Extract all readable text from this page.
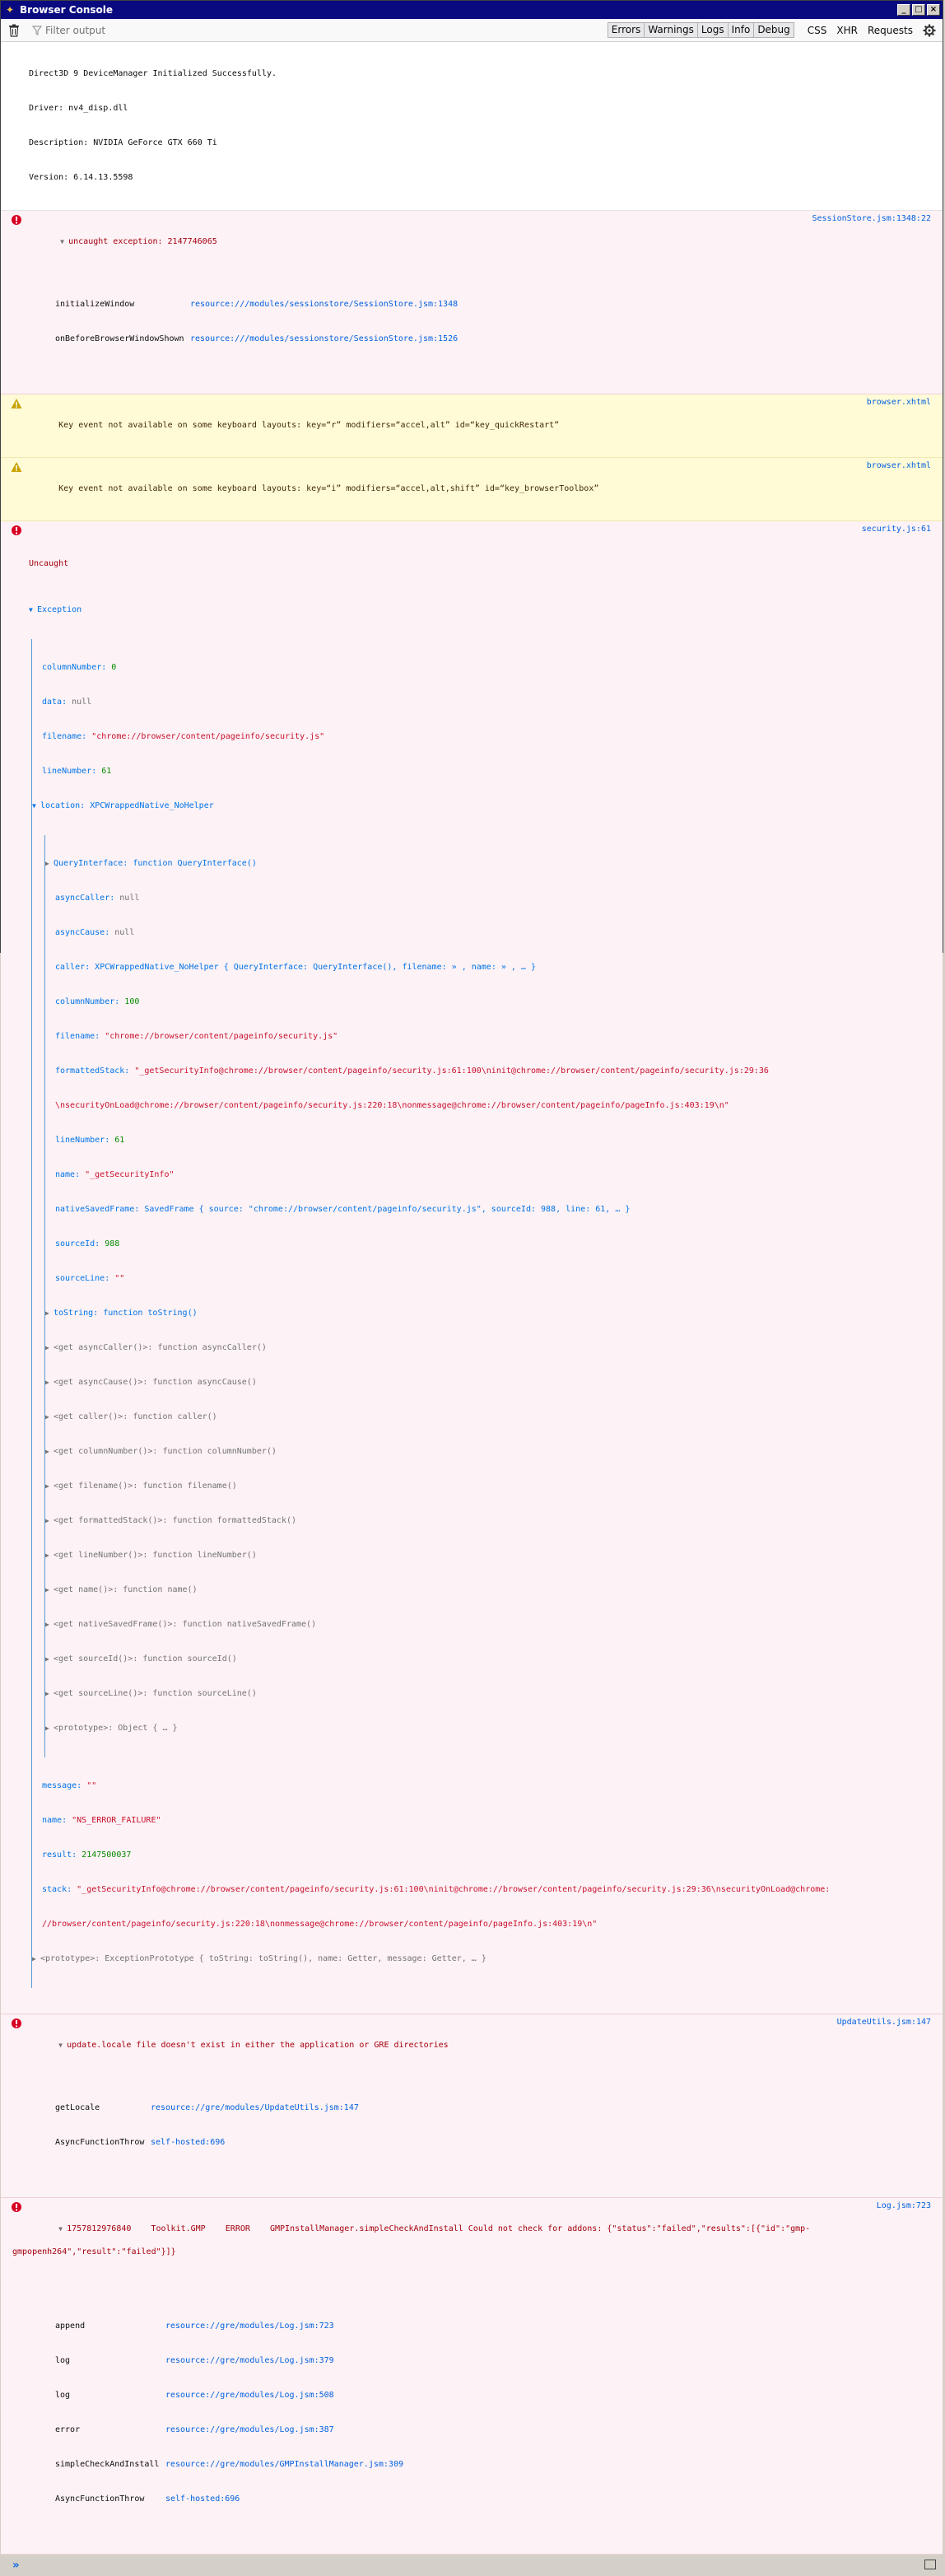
✦ Browser Console	_	□ ×
Filter output	Errors Warnings Logs Info Debug	CSS	XHR	Requests

Direct3D 9 DeviceManager Initialized Successfully.

Driver: nv4_disp.dll

Description: NVIDIA GeForce GTX 660 Ti

Version: 6.14.13.5598

▼ uncaught exception: 2147746065

SessionStore.jsm:1348:22

initializeWindow	resource:///modules/sessionstore/SessionStore.jsm:1348

onBeforeBrowserWindowShown resource:///modules/sessionstore/SessionStore.jsm:1526

Key event not available on some keyboard layouts: key=“r” modifiers=“accel,alt” id=“key_quickRestart”

browser.xhtml

Key event not available on some keyboard layouts: key=“i” modifiers=“accel,alt,shift” id=“key_browserToolbox”

browser.xhtml

Uncaught

security.js:61

▼ Exception

columnNumber: 0

data: null

filename: "chrome://browser/content/pageinfo/security.js"

lineNumber: 61

▼ location: XPCWrappedNative_NoHelper

▶ QueryInterface: function QueryInterface()

asyncCaller: null

asyncCause: null

caller: XPCWrappedNative_NoHelper { QueryInterface: QueryInterface(), filename: » , name: » , … }

columnNumber: 100

filename: "chrome://browser/content/pageinfo/security.js"

formattedStack: "_getSecurityInfo@chrome://browser/content/pageinfo/security.js:61:100\ninit@chrome://browser/content/pageinfo/security.js:29:36

\nsecurityOnLoad@chrome://browser/content/pageinfo/security.js:220:18\nonmessage@chrome://browser/content/pageinfo/pageInfo.js:403:19\n"

lineNumber: 61

name: "_getSecurityInfo"

nativeSavedFrame: SavedFrame { source: "chrome://browser/content/pageinfo/security.js", sourceId: 988, line: 61, … }

sourceId: 988

sourceLine: ""

▶ toString: function toString()

▶ <get asyncCaller()>: function asyncCaller()

▶ <get asyncCause()>: function asyncCause()

▶ <get caller()>: function caller()

▶ <get columnNumber()>: function columnNumber()

▶ <get filename()>: function filename()

▶ <get formattedStack()>: function formattedStack()

▶ <get lineNumber()>: function lineNumber()

▶ <get name()>: function name()

▶ <get nativeSavedFrame()>: function nativeSavedFrame()

▶ <get sourceId()>: function sourceId()

▶ <get sourceLine()>: function sourceLine()

▶ <prototype>: Object { … }

message: ""

name: "NS_ERROR_FAILURE"

result: 2147500037

stack: "_getSecurityInfo@chrome://browser/content/pageinfo/security.js:61:100\ninit@chrome://browser/content/pageinfo/security.js:29:36\nsecurityOnLoad@chrome:

//browser/content/pageinfo/security.js:220:18\nonmessage@chrome://browser/content/pageinfo/pageInfo.js:403:19\n"

▶ <prototype>: ExceptionPrototype { toString: toString(), name: Getter, message: Getter, … }

▼ update.locale file doesn't exist in either the application or GRE directories

UpdateUtils.jsm:147

getLocale	resource://gre/modules/UpdateUtils.jsm:147

AsyncFunctionThrow self-hosted:696

▼ 1757812976840    Toolkit.GMP    ERROR    GMPInstallManager.simpleCheckAndInstall Could not check for addons: {"status":"failed","results":[{"id":"gmp-

gmpopenh264","result":"failed"}]}

Log.jsm:723

append	resource://gre/modules/Log.jsm:723

log	resource://gre/modules/Log.jsm:379

log	resource://gre/modules/Log.jsm:508

error	resource://gre/modules/Log.jsm:387

simpleCheckAndInstall resource://gre/modules/GMPInstallManager.jsm:309

AsyncFunctionThrow	self-hosted:696

»
